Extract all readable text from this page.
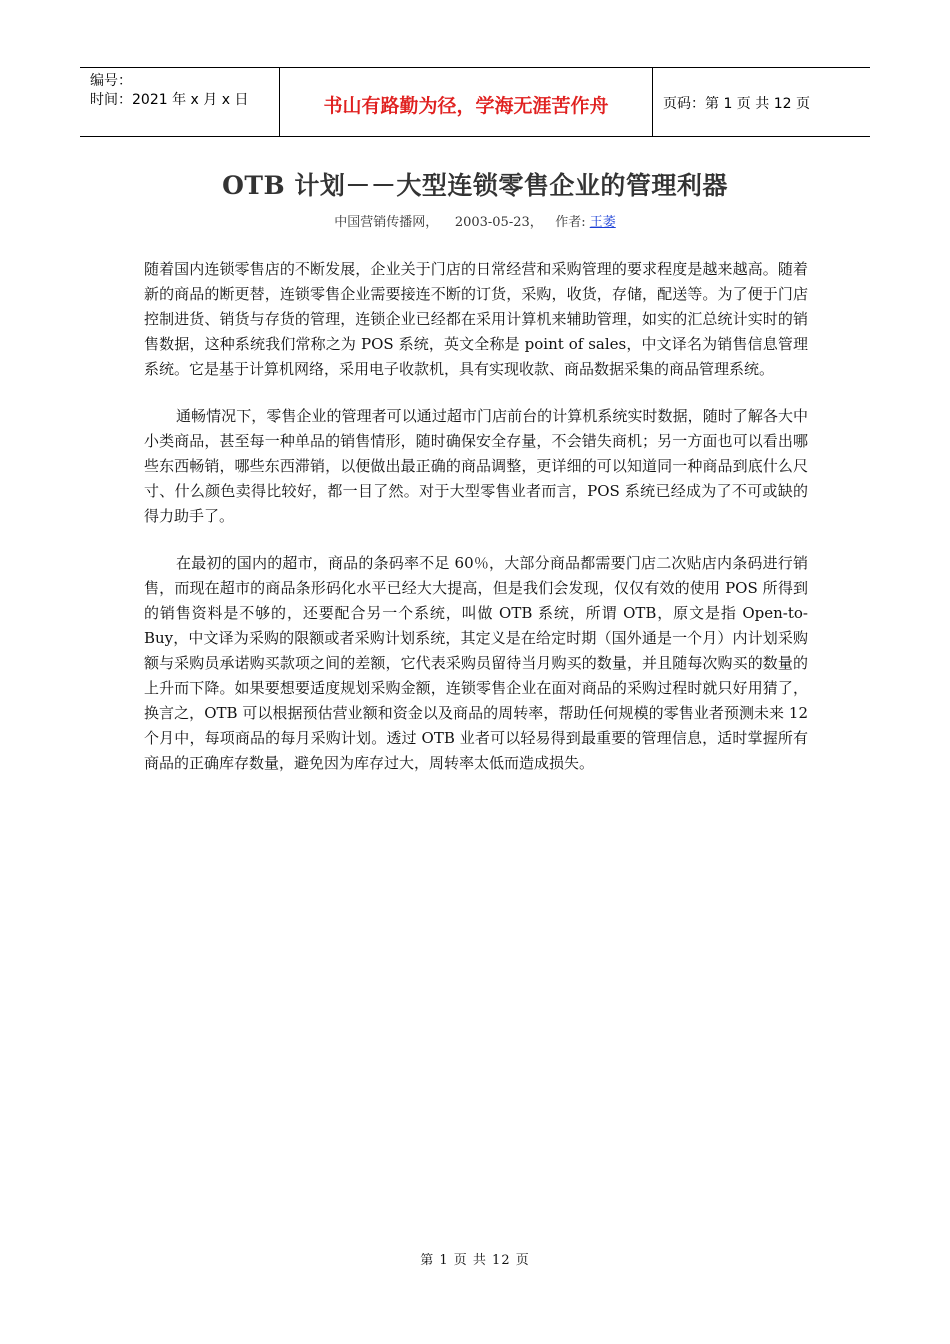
编号：
时间：2021 年 x 月 x 日	书山有路勤为径，学海无涯苦作舟	页码：第 1 页 共 12 页
OTB 计划－－大型连锁零售企业的管理利器
中国营销传播网， 2003-05-23， 作者: 王萎

随着国内连锁零售店的不断发展，企业关于门店的日常经营和采购管理的要求程度是越来越高。随着新的商品的断更替，连锁零售企业需要接连不断的订货，采购，收货，存储，配送等。为了便于门店控制进货、销货与存货的管理，连锁企业已经都在采用计算机来辅助管理，如实的汇总统计实时的销售数据，这种系统我们常称之为 POS 系统，英文全称是 point of sales，中文译名为销售信息管理系统。它是基于计算机网络，采用电子收款机，具有实现收款、商品数据采集的商品管理系统。

通畅情况下，零售企业的管理者可以通过超市门店前台的计算机系统实时数据，随时了解各大中小类商品，甚至每一种单品的销售情形，随时确保安全存量，不会错失商机；另一方面也可以看出哪些东西畅销，哪些东西滞销，以便做出最正确的商品调整，更详细的可以知道同一种商品到底什么尺寸、什么颜色卖得比较好，都一目了然。对于大型零售业者而言，POS 系统已经成为了不可或缺的得力助手了。

在最初的国内的超市，商品的条码率不足 60％，大部分商品都需要门店二次贴店内条码进行销售，而现在超市的商品条形码化水平已经大大提高，但是我们会发现，仅仅有效的使用 POS 所得到的销售资料是不够的，还要配合另一个系统，叫做 OTB 系统，所谓 OTB，原文是指 Open-to-Buy，中文译为采购的限额或者采购计划系统，其定义是在给定时期（国外通是一个月）内计划采购额与采购员承诺购买款项之间的差额，它代表采购员留待当月购买的数量，并且随每次购买的数量的上升而下降。如果要想要适度规划采购金额，连锁零售企业在面对商品的采购过程时就只好用猜了，换言之，OTB 可以根据预估营业额和资金以及商品的周转率，帮助任何规模的零售业者预测未来 12 个月中，每项商品的每月采购计划。透过 OTB 业者可以轻易得到最重要的管理信息，适时掌握所有商品的正确库存数量，避免因为库存过大，周转率太低而造成损失。

第 1 页 共 12 页
